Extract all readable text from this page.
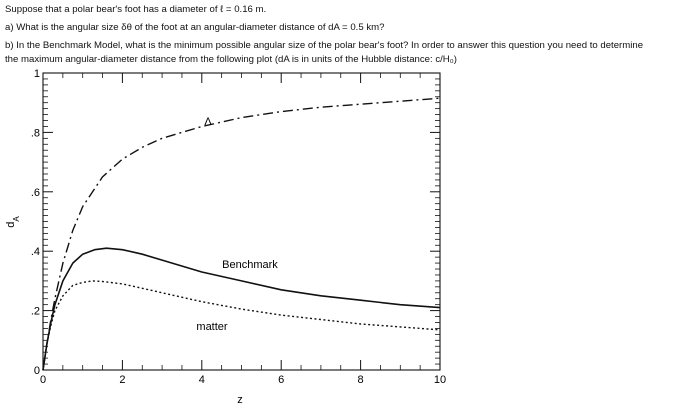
Suppose that a polar bear's foot has a diameter of ℓ = 0.16 m.

a) What is the angular size δθ of the foot at an angular-diameter distance of dA = 0.5 km?

b) In the Benchmark Model, what is the minimum possible angular size of the polar bear's foot? In order to answer this question you need to determine

the maximum angular-diameter distance from the following plot (dA is in units of the Hubble distance: c/H₀)

0	2	4	6	8	10
0
.2
.4
.6
.8
1
z
$d_A$
Λ
Benchmark
matter
